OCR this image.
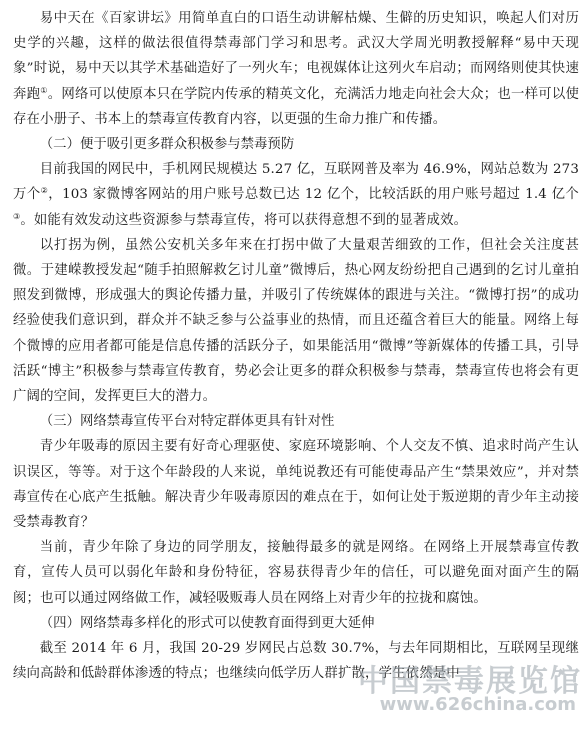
易中天在《百家讲坛》用简单直白的口语生动讲解枯燥、生僻的历史知识，唤起人们对历史学的兴趣，这样的做法很值得禁毒部门学习和思考。武汉大学周光明教授解释“易中天现象”时说，易中天以其学术基础造好了一列火车；电视媒体让这列火车启动；而网络则使其快速奔跑①。网络可以使原本只在学院内传承的精英文化，充满活力地走向社会大众；也一样可以使存在小册子、书本上的禁毒宣传教育内容，以更强的生命力推广和传播。

（二）便于吸引更多群众积极参与禁毒预防

目前我国的网民中，手机网民规模达 5.27 亿，互联网普及率为 46.9%，网站总数为 273 万个②，103 家微博客网站的用户账号总数已达 12 亿个，比较活跃的用户账号超过 1.4 亿个③。如能有效发动这些资源参与禁毒宣传，将可以获得意想不到的显著成效。

以打拐为例，虽然公安机关多年来在打拐中做了大量艰苦细致的工作，但社会关注度甚微。于建嵘教授发起“随手拍照解救乞讨儿童”微博后，热心网友纷纷把自己遇到的乞讨儿童拍照发到微博，形成强大的舆论传播力量，并吸引了传统媒体的跟进与关注。“微博打拐”的成功经验使我们意识到，群众并不缺乏参与公益事业的热情，而且还蕴含着巨大的能量。网络上每个微博的应用者都可能是信息传播的活跃分子，如果能活用“微博”等新媒体的传播工具，引导活跃“博主”积极参与禁毒宣传教育，势必会让更多的群众积极参与禁毒，禁毒宣传也将会有更广阔的空间，发挥更巨大的潜力。

（三）网络禁毒宣传平台对特定群体更具有针对性

青少年吸毒的原因主要有好奇心理驱使、家庭环境影响、个人交友不慎、追求时尚产生认识误区，等等。对于这个年龄段的人来说，单纯说教还有可能使毒品产生“禁果效应”，并对禁毒宣传在心底产生抵触。解决青少年吸毒原因的难点在于，如何让处于叛逆期的青少年主动接受禁毒教育？

当前，青少年除了身边的同学朋友，接触得最多的就是网络。在网络上开展禁毒宣传教育，宣传人员可以弱化年龄和身份特征，容易获得青少年的信任，可以避免面对面产生的隔阂；也可以通过网络做工作，减轻吸贩毒人员在网络上对青少年的拉拢和腐蚀。

（四）网络禁毒多样化的形式可以使教育面得到更大延伸

截至 2014 年 6 月，我国 20-29 岁网民占总数 30.7%，与去年同期相比，互联网呈现继续向高龄和低龄群体渗透的特点；也继续向低学历人群扩散，学生依然是中

中国禁毒展览馆
www.626china.com
